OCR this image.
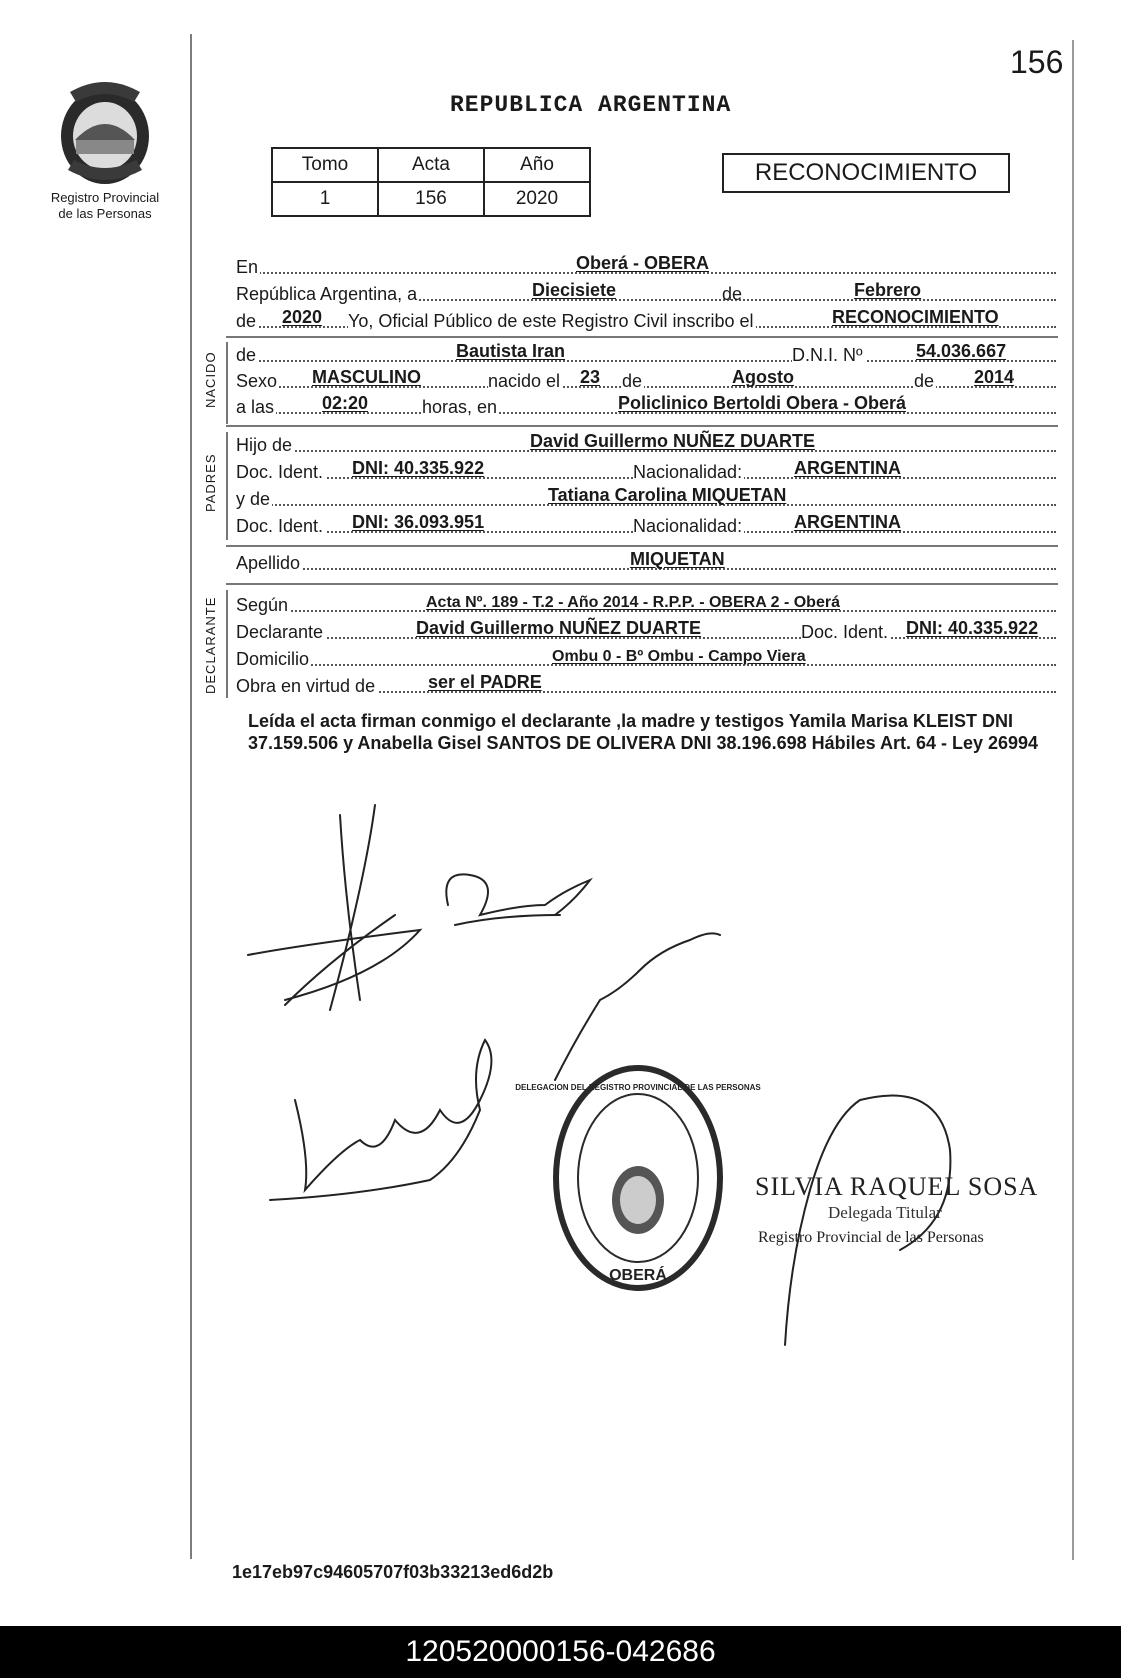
156
Registro Provincial
de las Personas
REPUBLICA ARGENTINA
Tomo	Acta	Año
1	156	2020
RECONOCIMIENTO
En	Oberá - OBERA
República Argentina, a	Diecisiete	de	Febrero
de 2020 Yo, Oficial Público de este Registro Civil inscribo el	RECONOCIMIENTO
NACIDO de	Bautista Iran	D.N.I. Nº	54.036.667
Sexo MASCULINO	nacido el 23 de	Agosto	de 2014
a las	02:20	horas, en	Policlinico Bertoldi Obera - Oberá
PADRES
Hijo de	David Guillermo NUÑEZ DUARTE
Doc. Ident. DNI: 40.335.922	Nacionalidad:	ARGENTINA
y de	Tatiana Carolina MIQUETAN
Doc. Ident. DNI: 36.093.951	Nacionalidad:	ARGENTINA
Apellido	MIQUETAN
DECLARANTE Según	Acta Nº. 189 - T.2 - Año 2014 - R.P.P. - OBERA 2 - Oberá
Declarante	David Guillermo NUÑEZ DUARTE	Doc. Ident. DNI: 40.335.922
Domicilio	Ombu 0 - Bº Ombu - Campo Viera
Obra en virtud de	ser el PADRE
Leída el acta firman conmigo el declarante ,la madre y testigos Yamila Marisa KLEIST DNI 37.159.506 y Anabella Gisel SANTOS DE OLIVERA DNI 38.196.698 Hábiles Art. 64 - Ley 26994
OBERÁ
DELEGACION DEL REGISTRO PROVINCIAL DE LAS PERSONAS
SILVIA RAQUEL SOSA
Delegada Titular
Registro Provincial de las Personas
1e17eb97c94605707f03b33213ed6d2b
120520000156-042686
